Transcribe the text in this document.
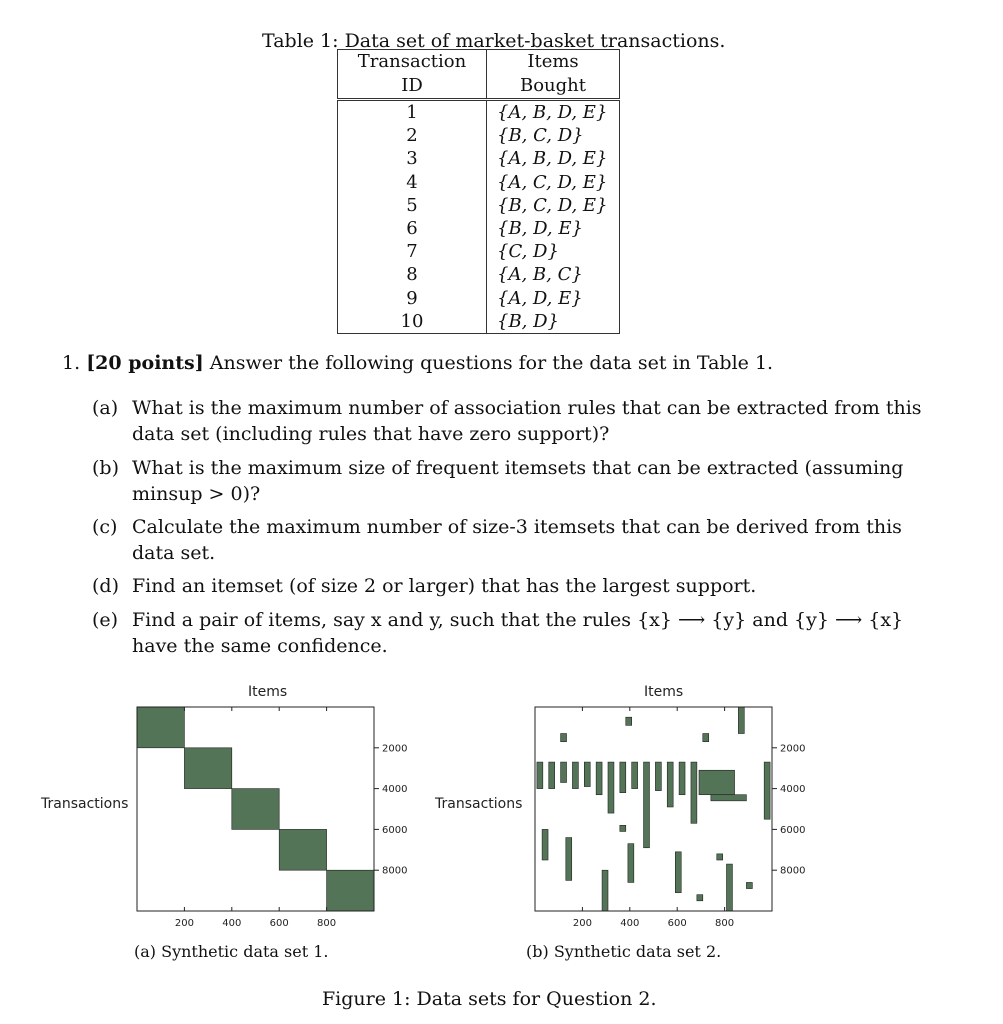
Table 1: Data set of market-basket transactions.
Transaction ID	Items Bought
1	{A, B, D, E}
2	{B, C, D}
3	{A, B, D, E}
4	{A, C, D, E}
5	{B, C, D, E}
6	{B, D, E}
7	{C, D}
8	{A, B, C}
9	{A, D, E}
10	{B, D}
1. [20 points] Answer the following questions for the data set in Table 1.
(a) What is the maximum number of association rules that can be extracted from this data set (including rules that have zero support)?
(b) What is the maximum size of frequent itemsets that can be extracted (assuming minsup > 0)?
(c) Calculate the maximum number of size-3 itemsets that can be derived from this data set.
(d) Find an itemset (of size 2 or larger) that has the largest support.
(e) Find a pair of items, say x and y, such that the rules {x} ⟶ {y} and {y} ⟶ {x} have the same confidence.
Items
Transactions
200	400	600	800
2000
4000
6000
8000
(a) Synthetic data set 1.
Items
Transactions
200	400	600	800
2000
4000
6000
8000
(b) Synthetic data set 2.
Figure 1: Data sets for Question 2.
